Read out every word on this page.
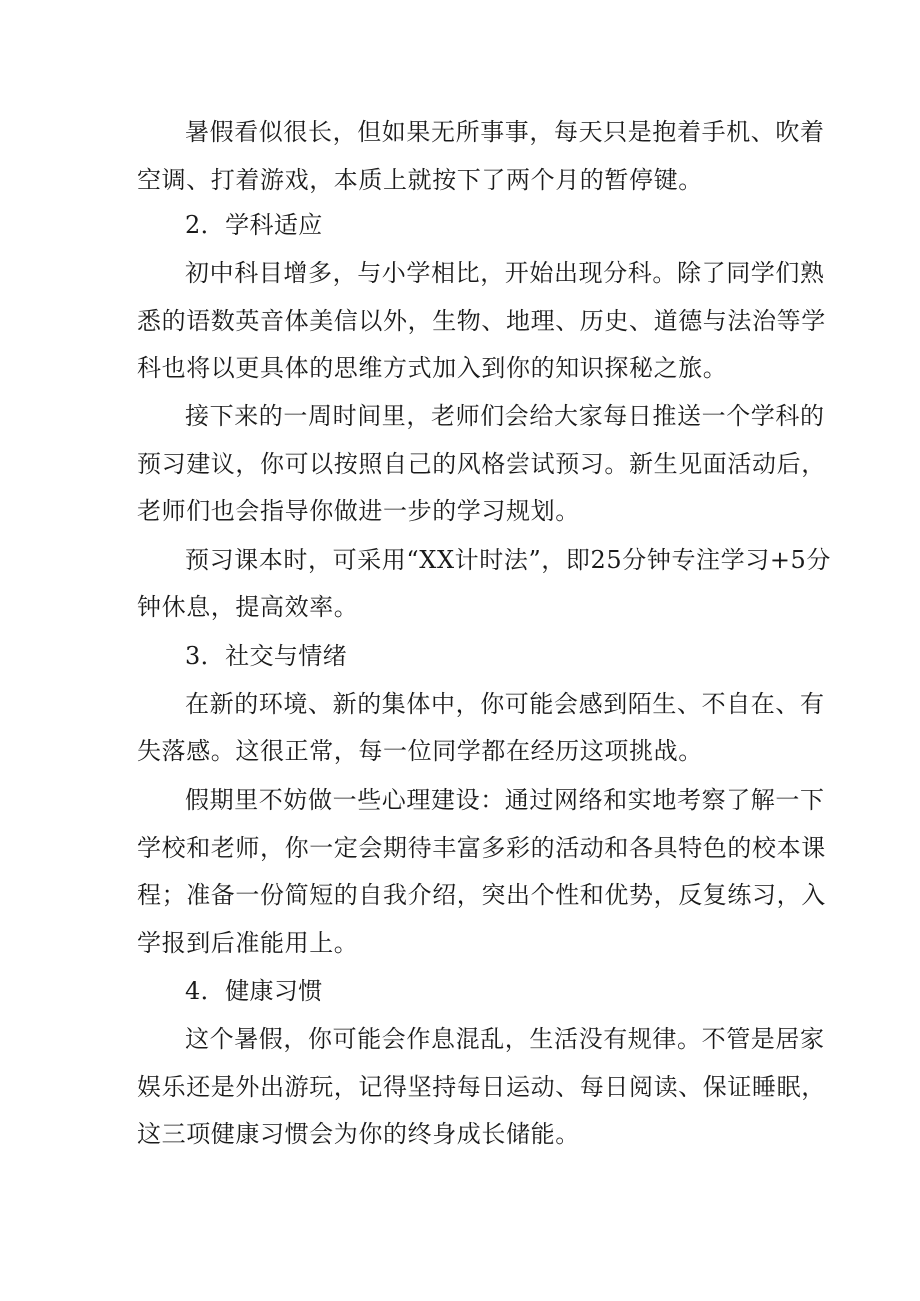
暑假看似很长，但如果无所事事，每天只是抱着手机、吹着
空调、打着游戏，本质上就按下了两个月的暂停键。
2．学科适应
初中科目增多，与小学相比，开始出现分科。除了同学们熟
悉的语数英音体美信以外，生物、地理、历史、道德与法治等学
科也将以更具体的思维方式加入到你的知识探秘之旅。
接下来的一周时间里，老师们会给大家每日推送一个学科的
预习建议，你可以按照自己的风格尝试预习。新生见面活动后，
老师们也会指导你做进一步的学习规划。
预习课本时，可采用“XX计时法”，即25分钟专注学习+5分
钟休息，提高效率。
3．社交与情绪
在新的环境、新的集体中，你可能会感到陌生、不自在、有
失落感。这很正常，每一位同学都在经历这项挑战。
假期里不妨做一些心理建设：通过网络和实地考察了解一下
学校和老师，你一定会期待丰富多彩的活动和各具特色的校本课
程；准备一份简短的自我介绍，突出个性和优势，反复练习，入
学报到后准能用上。
4．健康习惯
这个暑假，你可能会作息混乱，生活没有规律。不管是居家
娱乐还是外出游玩，记得坚持每日运动、每日阅读、保证睡眠，
这三项健康习惯会为你的终身成长储能。
